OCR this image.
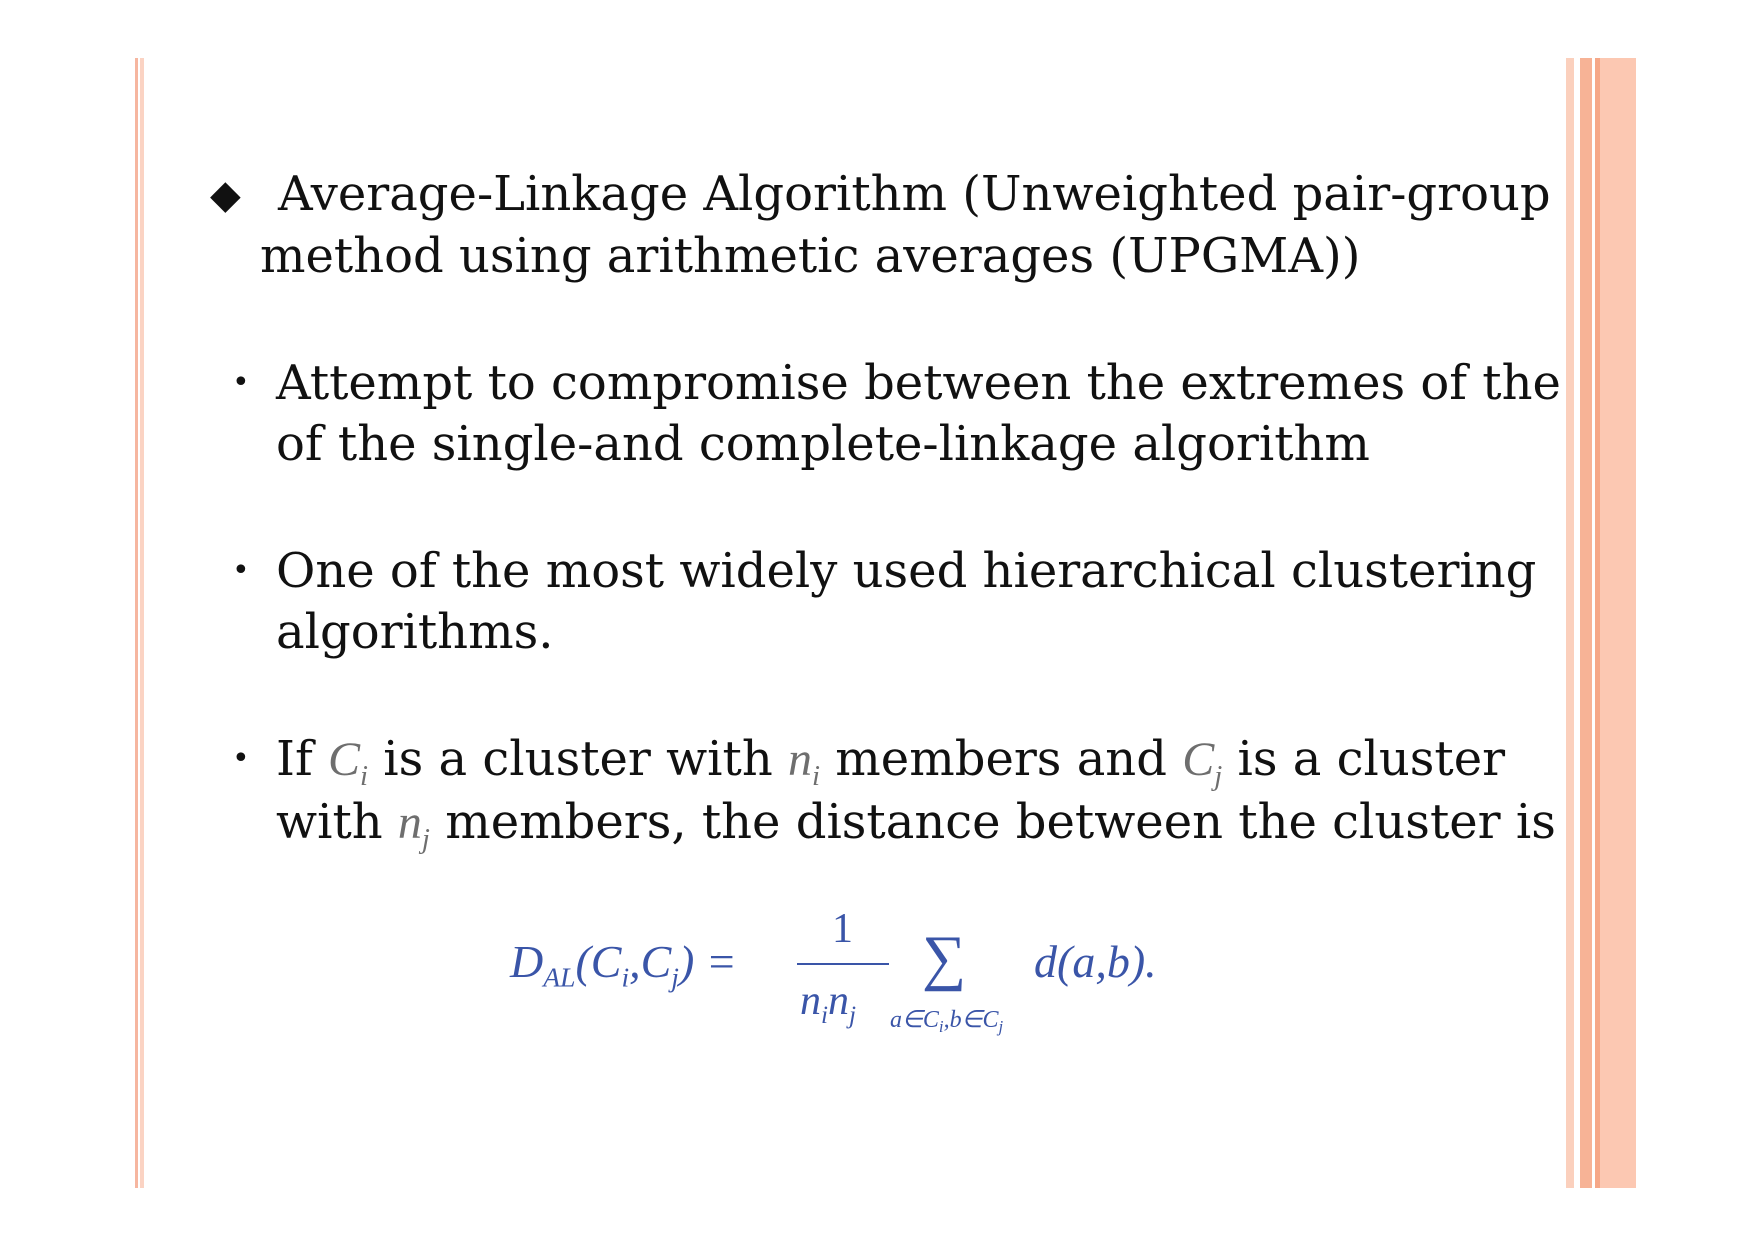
◆ Average-Linkage Algorithm (Unweighted pair-group
method using arithmetic averages (UPGMA))
• Attempt to compromise between the extremes of the
of the single-and complete-linkage algorithm
• One of the most widely used hierarchical clustering
algorithms.
• If $C_i$ is a cluster with $n_i$ members and $C_j$ is a cluster
with $n_j$ members, the distance between the cluster is
$D_{AL}(C_i,C_j)$ =
1
$n_in_j$
∑
$a\in C_i,b\in C_j$
d(a,b).
